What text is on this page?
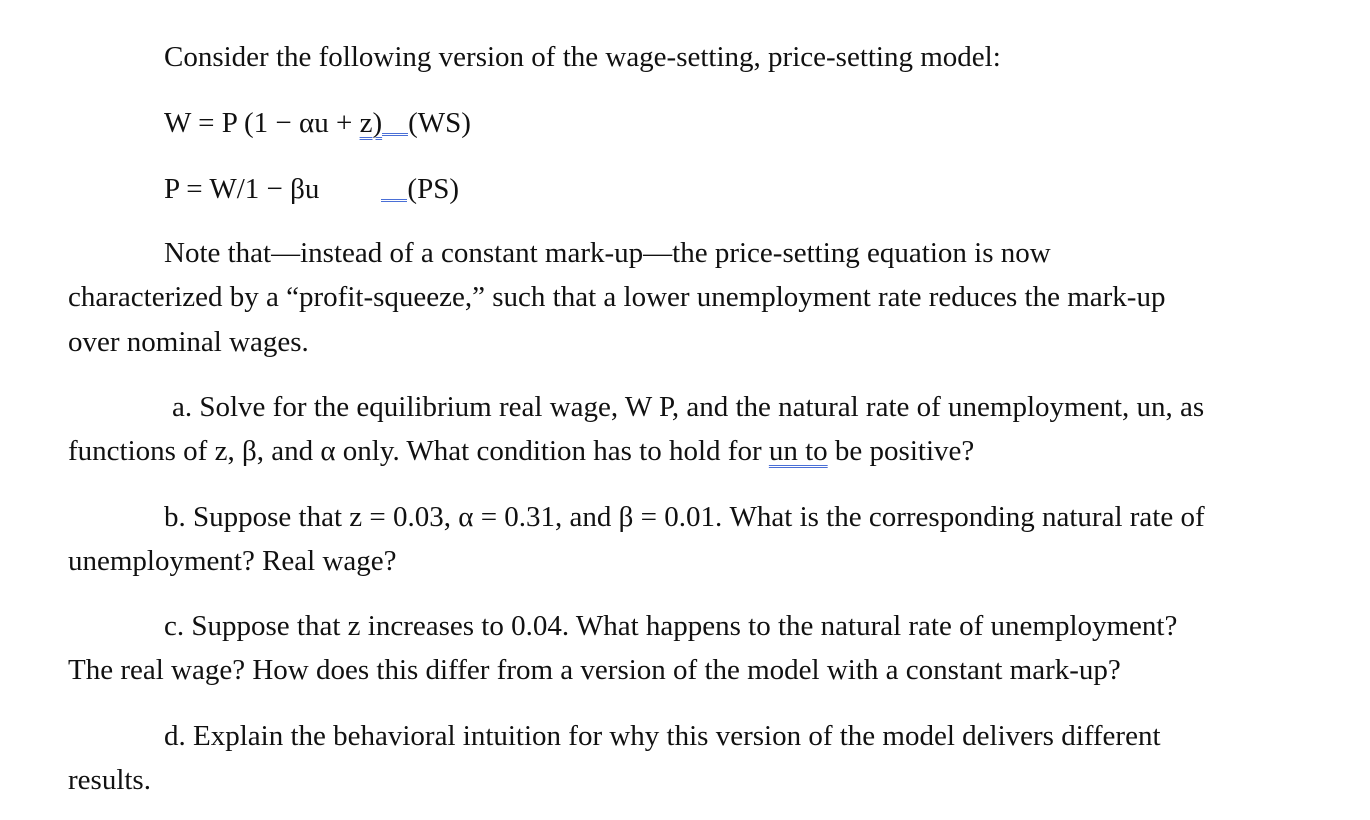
Consider the following version of the wage-setting, price-setting model:
W = P (1 − αu + z) (WS)
P = W/1 − βu	(PS)
Note that—instead of a constant mark-up—the price-setting equation is now
characterized by a “profit-squeeze,” such that a lower unemployment rate reduces the mark-up
over nominal wages.
a. Solve for the equilibrium real wage, W P, and the natural rate of unemployment, un, as
functions of z, β, and α only. What condition has to hold for un to be positive?
b. Suppose that z = 0.03, α = 0.31, and β = 0.01. What is the corresponding natural rate of
unemployment? Real wage?
c. Suppose that z increases to 0.04. What happens to the natural rate of unemployment?
The real wage? How does this differ from a version of the model with a constant mark-up?
d. Explain the behavioral intuition for why this version of the model delivers different
results.
